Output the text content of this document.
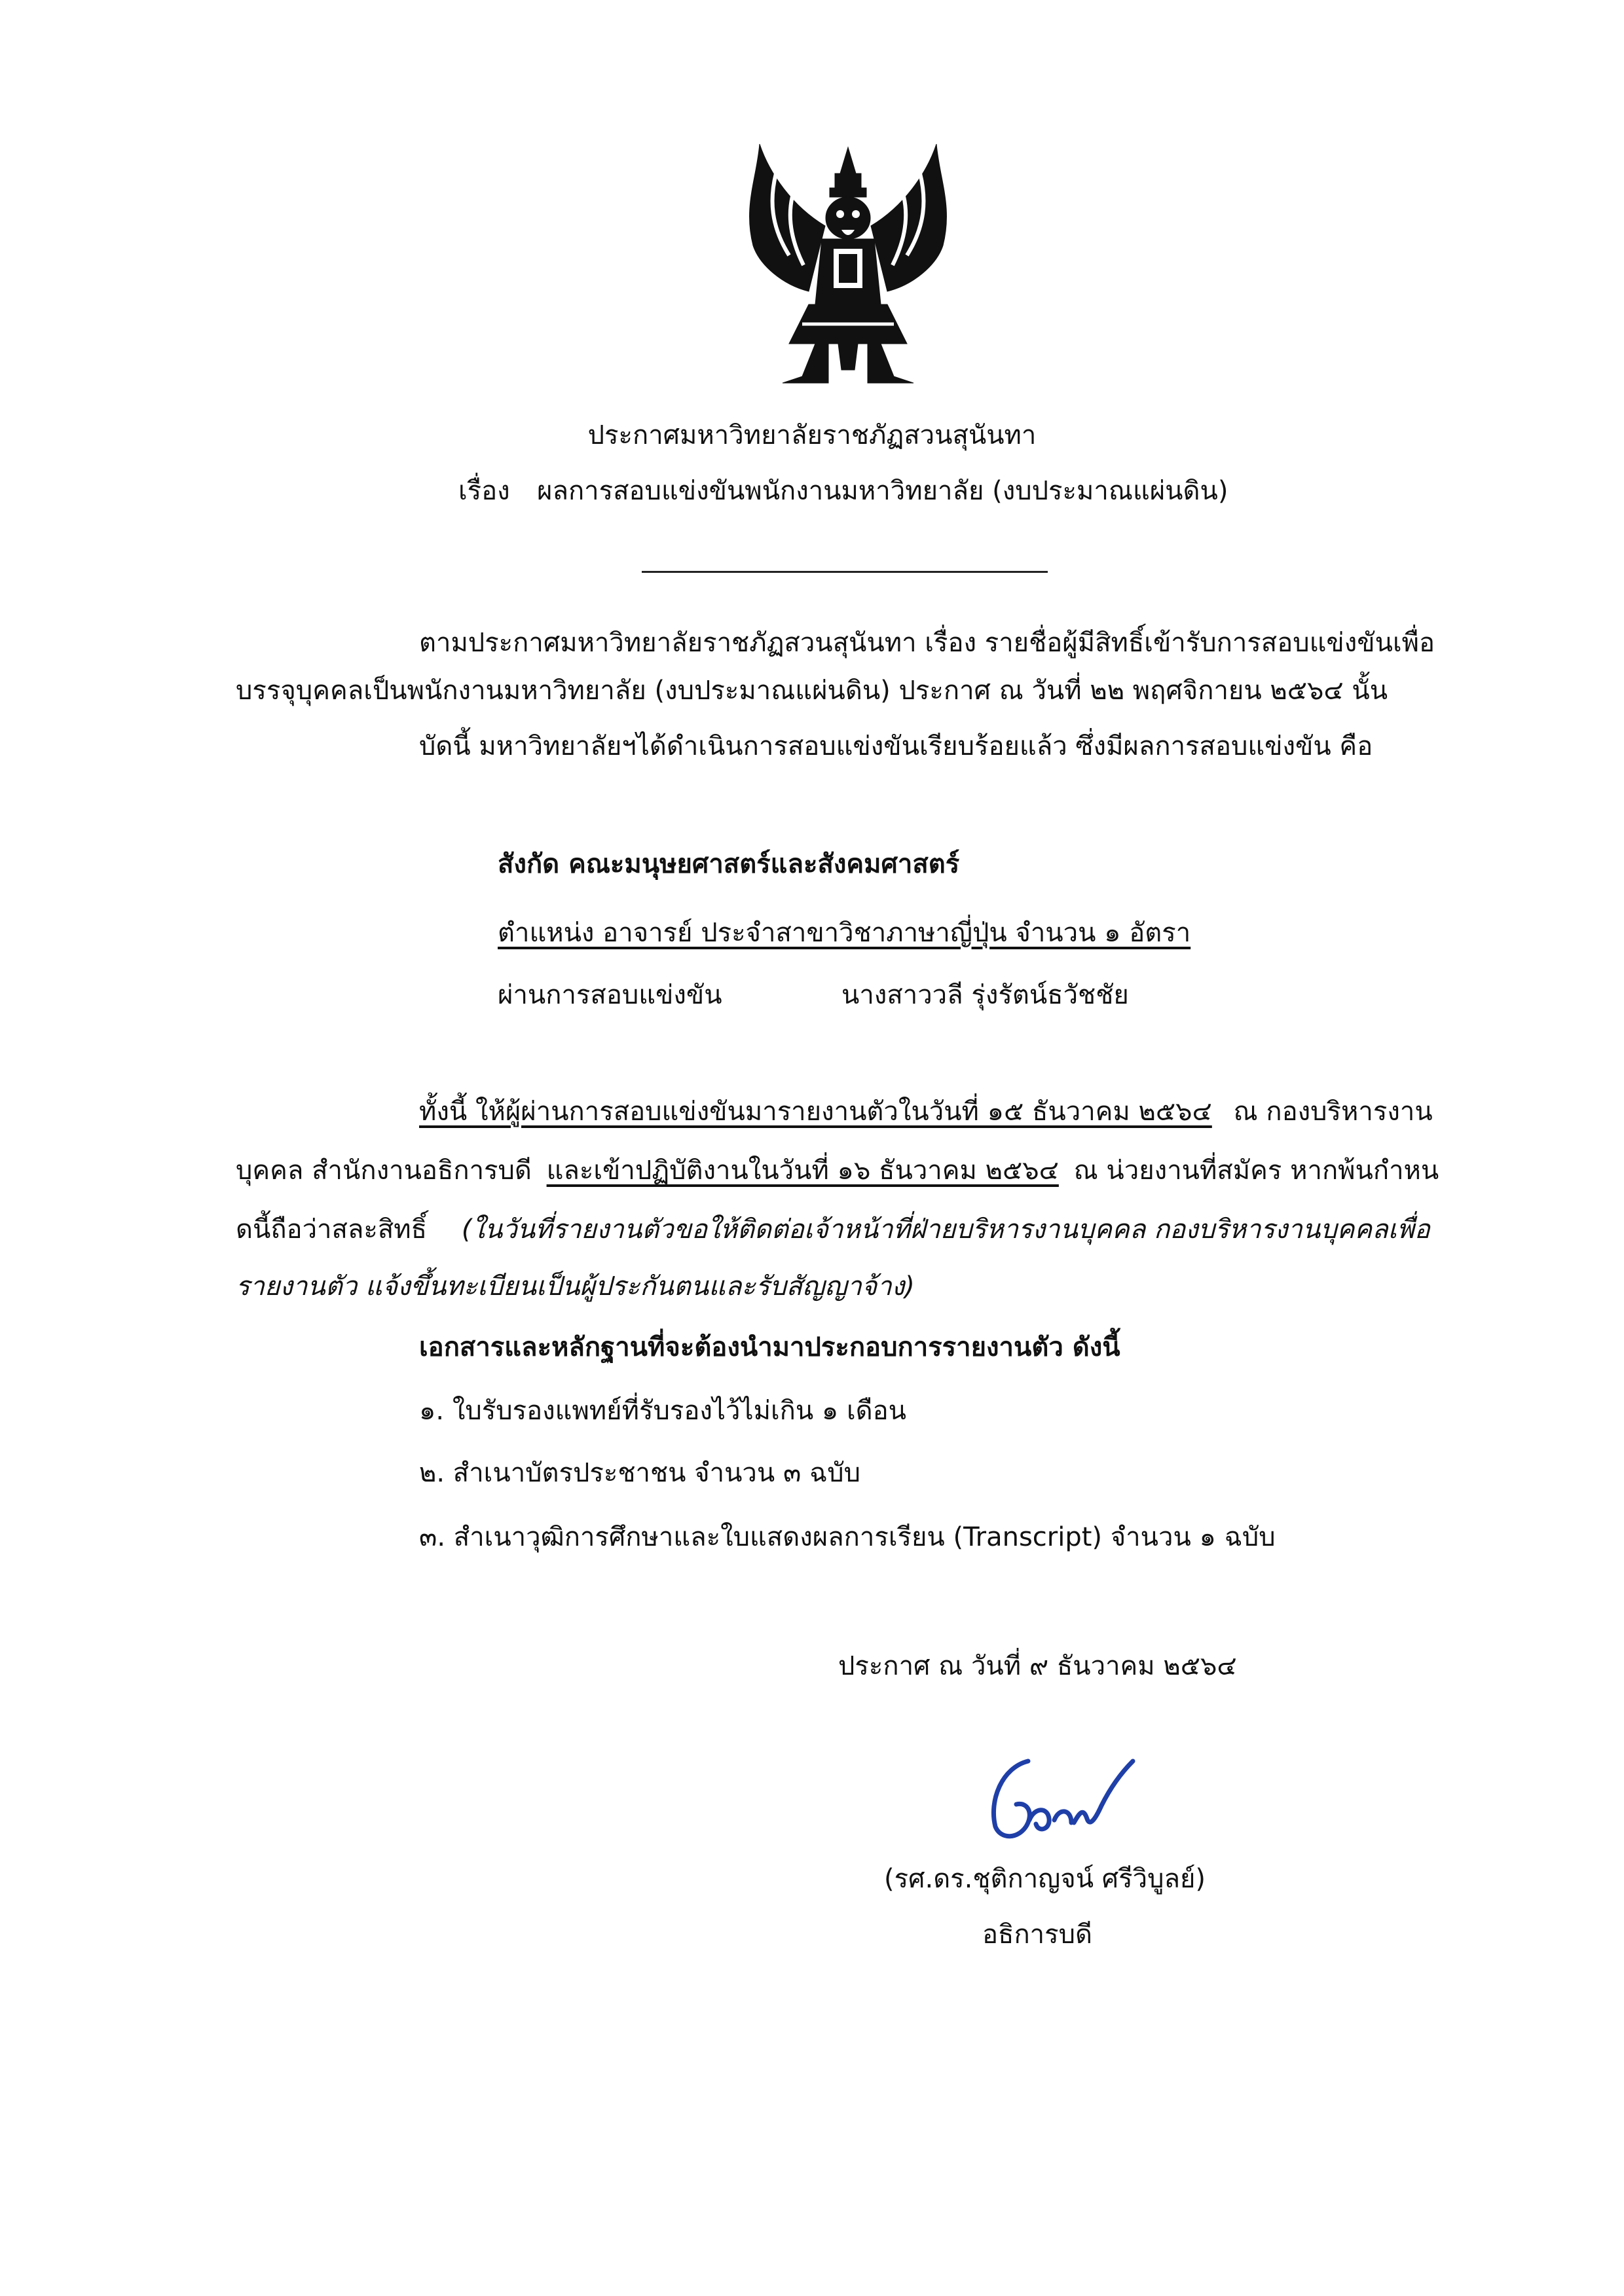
ประกาศมหาวิทยาลัยราชภัฏสวนสุนันทา
เรื่อง ผลการสอบแข่งขันพนักงานมหาวิทยาลัย (งบประมาณแผ่นดิน)
ตามประกาศมหาวิทยาลัยราชภัฏสวนสุนันทา เรื่อง รายชื่อผู้มีสิทธิ์เข้ารับการสอบแข่งขันเพื่อ
บรรจุบุคคลเป็นพนักงานมหาวิทยาลัย (งบประมาณแผ่นดิน) ประกาศ ณ วันที่ ๒๒ พฤศจิกายน ๒๕๖๔ นั้น
บัดนี้ มหาวิทยาลัยฯได้ดำเนินการสอบแข่งขันเรียบร้อยแล้ว ซึ่งมีผลการสอบแข่งขัน คือ
สังกัด คณะมนุษยศาสตร์และสังคมศาสตร์
ตำแหน่ง อาจารย์ ประจำสาขาวิชาภาษาญี่ปุ่น จำนวน ๑ อัตรา
ผ่านการสอบแข่งขัน	นางสาววลี รุ่งรัตน์ธวัชชัย
ทั้งนี้ ให้ผู้ผ่านการสอบแข่งขันมารายงานตัวในวันที่ ๑๕ ธันวาคม ๒๕๖๔ ณ กองบริหารงาน
บุคคล สำนักงานอธิการบดี และเข้าปฏิบัติงานในวันที่ ๑๖ ธันวาคม ๒๕๖๔ ณ น่วยงานที่สมัคร หากพ้นกำหน
ดนี้ถือว่าสละสิทธิ์ (ในวันที่รายงานตัวขอให้ติดต่อเจ้าหน้าที่ฝ่ายบริหารงานบุคคล กองบริหารงานบุคคลเพื่อ
รายงานตัว แจ้งขึ้นทะเบียนเป็นผู้ประกันตนและรับสัญญาจ้าง)
เอกสารและหลักฐานที่จะต้องนำมาประกอบการรายงานตัว ดังนี้
๑. ใบรับรองแพทย์ที่รับรองไว้ไม่เกิน ๑ เดือน
๒. สำเนาบัตรประชาชน จำนวน ๓ ฉบับ
๓. สำเนาวุฒิการศึกษาและใบแสดงผลการเรียน (Transcript) จำนวน ๑ ฉบับ
ประกาศ ณ วันที่ ๙ ธันวาคม ๒๕๖๔
(รศ.ดร.ชุติกาญจน์ ศรีวิบูลย์)
อธิการบดี
